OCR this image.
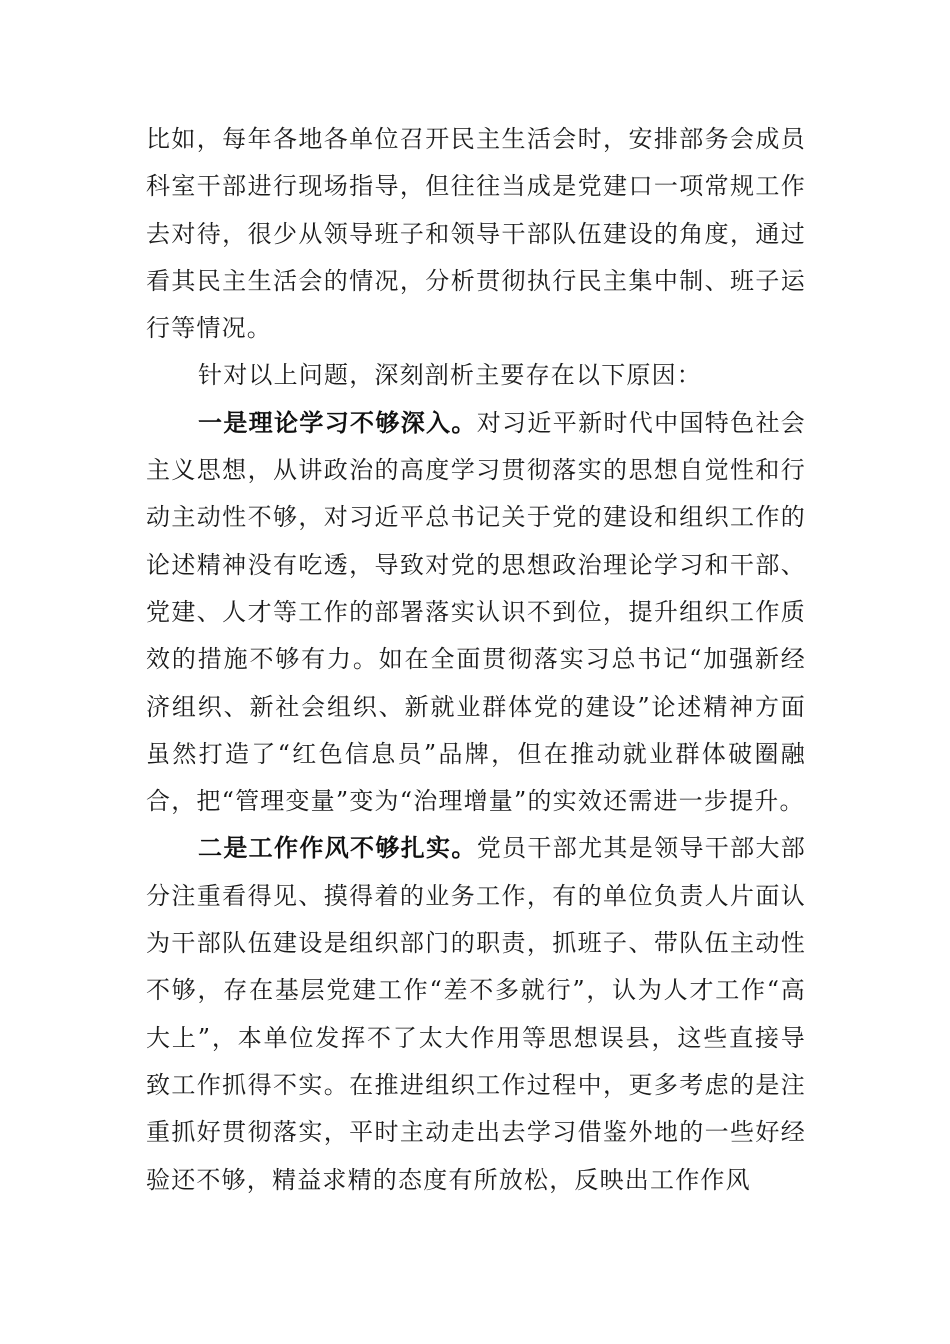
比如，每年各地各单位召开民主生活会时，安排部务会成员科室干部进行现场指导，但往往当成是党建口一项常规工作去对待，很少从领导班子和领导干部队伍建设的角度，通过看其民主生活会的情况，分析贯彻执行民主集中制、班子运行等情况。

针对以上问题，深刻剖析主要存在以下原因：

一是理论学习不够深入。对习近平新时代中国特色社会主义思想，从讲政治的高度学习贯彻落实的思想自觉性和行动主动性不够，对习近平总书记关于党的建设和组织工作的论述精神没有吃透，导致对党的思想政治理论学习和干部、党建、人才等工作的部署落实认识不到位，提升组织工作质效的措施不够有力。如在全面贯彻落实习总书记“加强新经济组织、新社会组织、新就业群体党的建设”论述精神方面虽然打造了“红色信息员”品牌，但在推动就业群体破圈融合，把“管理变量”变为“治理增量”的实效还需进一步提升。

二是工作作风不够扎实。党员干部尤其是领导干部大部分注重看得见、摸得着的业务工作，有的单位负责人片面认为干部队伍建设是组织部门的职责，抓班子、带队伍主动性不够，存在基层党建工作“差不多就行”，认为人才工作“高大上”，本单位发挥不了太大作用等思想误县，这些直接导致工作抓得不实。在推进组织工作过程中，更多考虑的是注重抓好贯彻落实，平时主动走出去学习借鉴外地的一些好经验还不够，精益求精的态度有所放松，反映出工作作风
